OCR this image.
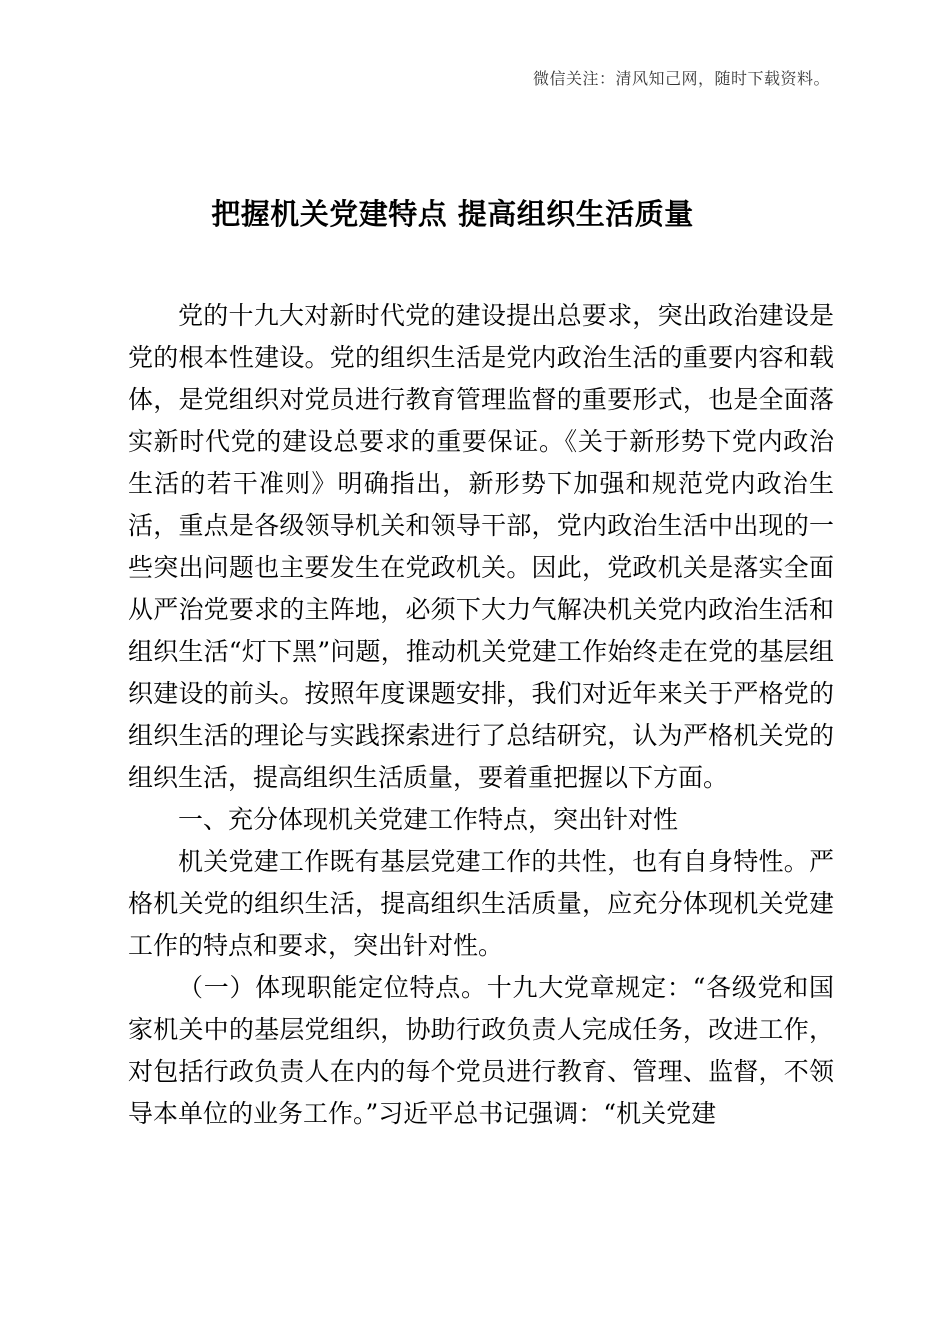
微信关注：清风知己网，随时下载资料。
把握机关党建特点 提高组织生活质量

党的十九大对新时代党的建设提出总要求，突出政治建设是党的根本性建设。党的组织生活是党内政治生活的重要内容和载体，是党组织对党员进行教育管理监督的重要形式，也是全面落实新时代党的建设总要求的重要保证。《关于新形势下党内政治生活的若干准则》明确指出，新形势下加强和规范党内政治生活，重点是各级领导机关和领导干部，党内政治生活中出现的一些突出问题也主要发生在党政机关。因此，党政机关是落实全面从严治党要求的主阵地，必须下大力气解决机关党内政治生活和组织生活“灯下黑”问题，推动机关党建工作始终走在党的基层组织建设的前头。按照年度课题安排，我们对近年来关于严格党的组织生活的理论与实践探索进行了总结研究，认为严格机关党的组织生活，提高组织生活质量，要着重把握以下方面。

一、充分体现机关党建工作特点，突出针对性

机关党建工作既有基层党建工作的共性，也有自身特性。严格机关党的组织生活，提高组织生活质量，应充分体现机关党建工作的特点和要求，突出针对性。

（一）体现职能定位特点。十九大党章规定：“各级党和国家机关中的基层党组织，协助行政负责人完成任务，改进工作，对包括行政负责人在内的每个党员进行教育、管理、监督，不领导本单位的业务工作。”习近平总书记强调：“机关党建
